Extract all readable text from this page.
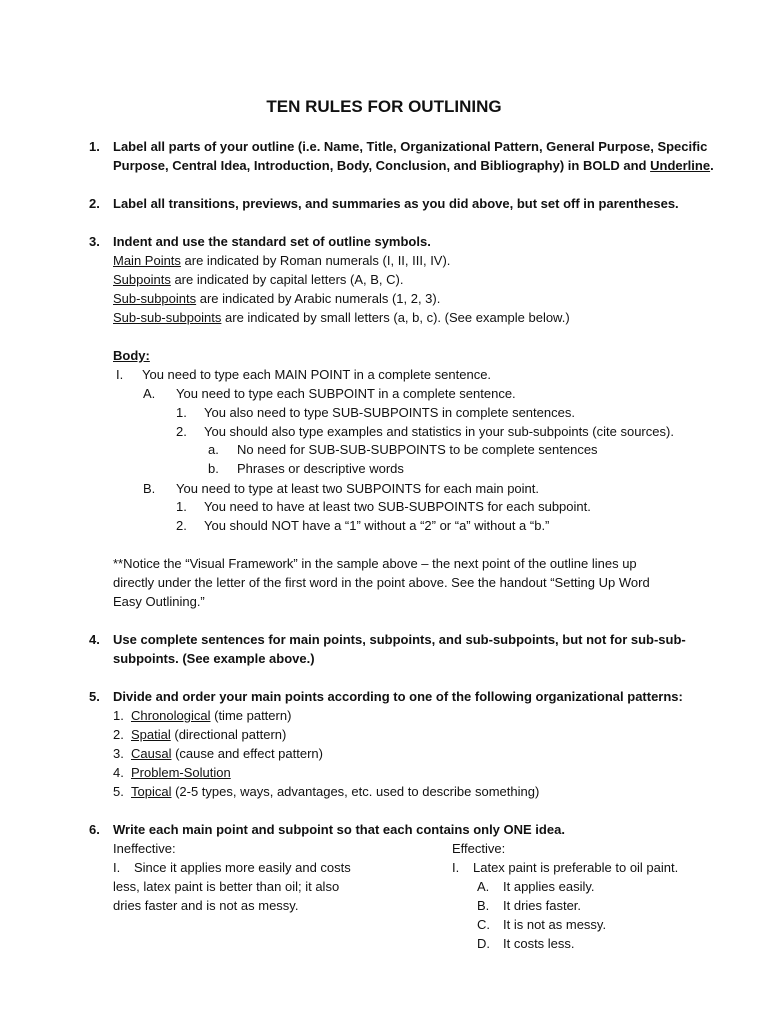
TEN RULES FOR OUTLINING
1. Label all parts of your outline (i.e. Name, Title, Organizational Pattern, General Purpose, Specific
Purpose, Central Idea, Introduction, Body, Conclusion, and Bibliography) in BOLD and Underline.
2. Label all transitions, previews, and summaries as you did above, but set off in parentheses.
3. Indent and use the standard set of outline symbols.
Main Points are indicated by Roman numerals (I, II, III, IV).
Subpoints are indicated by capital letters (A, B, C).
Sub-subpoints are indicated by Arabic numerals (1, 2, 3).
Sub-sub-subpoints are indicated by small letters (a, b, c). (See example below.)
Body:
I. You need to type each MAIN POINT in a complete sentence.
A. You need to type each SUBPOINT in a complete sentence.
1. You also need to type SUB-SUBPOINTS in complete sentences.
2. You should also type examples and statistics in your sub-subpoints (cite sources).
a. No need for SUB-SUB-SUBPOINTS to be complete sentences
b. Phrases or descriptive words
B. You need to type at least two SUBPOINTS for each main point.
1. You need to have at least two SUB-SUBPOINTS for each subpoint.
2. You should NOT have a “1” without a “2” or “a” without a “b.”
**Notice the “Visual Framework” in the sample above – the next point of the outline lines up
directly under the letter of the first word in the point above. See the handout “Setting Up Word
Easy Outlining.”
4. Use complete sentences for main points, subpoints, and sub-subpoints, but not for sub-sub-
subpoints. (See example above.)
5. Divide and order your main points according to one of the following organizational patterns:
1. Chronological (time pattern)
2. Spatial (directional pattern)
3. Causal (cause and effect pattern)
4. Problem-Solution
5. Topical (2-5 types, ways, advantages, etc. used to describe something)
6. Write each main point and subpoint so that each contains only ONE idea.
Ineffective:
I. Since it applies more easily and costs
less, latex paint is better than oil; it also
dries faster and is not as messy.
Effective:
I. Latex paint is preferable to oil paint.
A. It applies easily.
B. It dries faster.
C. It is not as messy.
D. It costs less.
